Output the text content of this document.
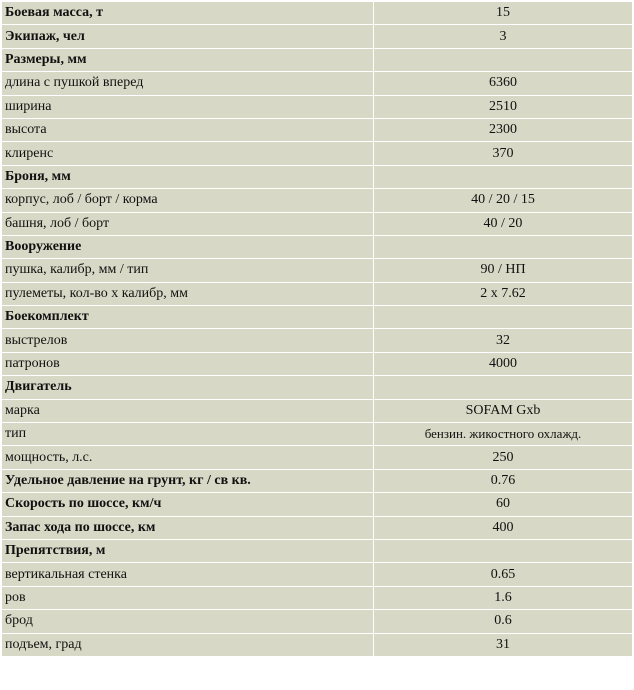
Боевая масса, т	15
Экипаж, чел	3
Размеры, мм	
длина с пушкой вперед	6360
ширина	2510
высота	2300
клиренс	370
Броня, мм	
корпус, лоб / борт / корма	40 / 20 / 15
башня, лоб / борт	40 / 20
Вооружение	
пушка, калибр, мм / тип	90 / НП
пулеметы, кол-во x калибр, мм	2 x 7.62
Боекомплект	
выстрелов	32
патронов	4000
Двигатель	
марка	SOFAM Gxb
тип	бензин. жикостного охлажд.
мощность, л.с.	250
Удельное давление на грунт, кг / св кв.	0.76
Скорость по шоссе, км/ч	60
Запас хода по шоссе, км	400
Препятствия, м	
вертикальная стенка	0.65
ров	1.6
брод	0.6
подъем, град	31
